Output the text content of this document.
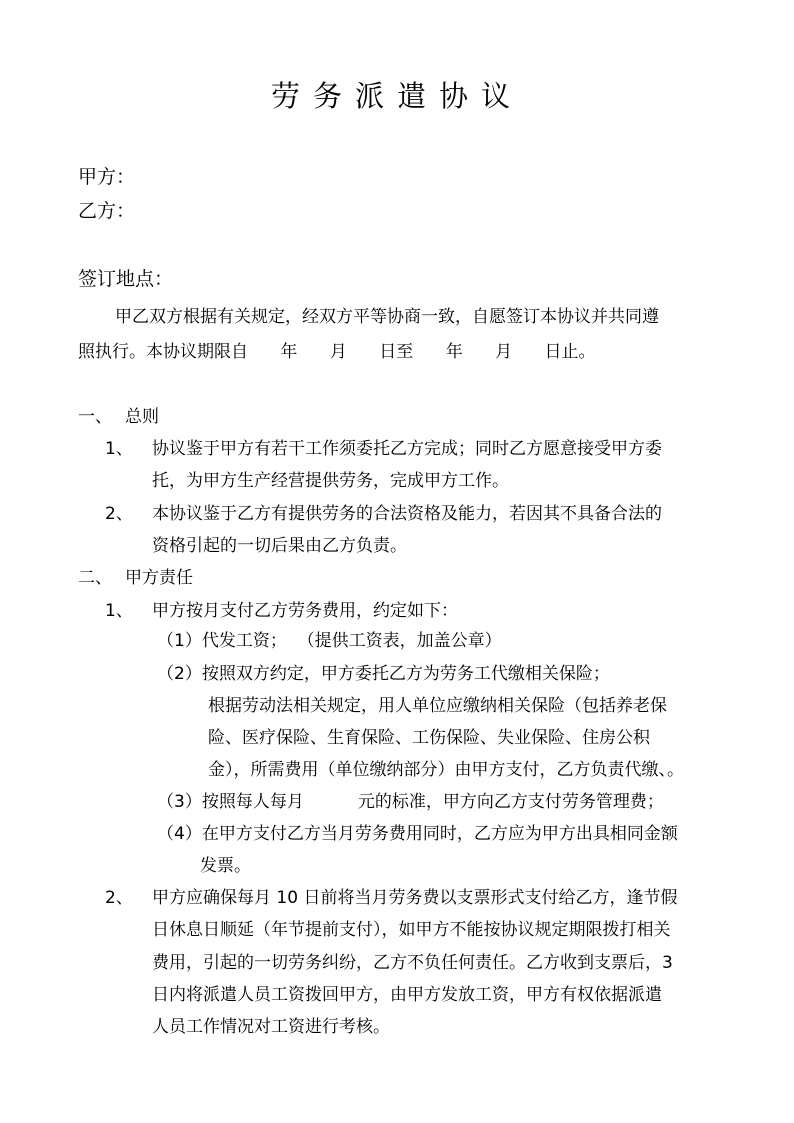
劳务派遣协议
甲方：
乙方：
签订地点：
甲乙双方根据有关规定，经双方平等协商一致，自愿签订本协议并共同遵
照执行。本协议期限自      年      月      日至      年      月      日止。
一、 总则
1、 协议鉴于甲方有若干工作须委托乙方完成；同时乙方愿意接受甲方委
托，为甲方生产经营提供劳务，完成甲方工作。
2、 本协议鉴于乙方有提供劳务的合法资格及能力，若因其不具备合法的
资格引起的一切后果由乙方负责。
二、 甲方责任
1、 甲方按月支付乙方劳务费用，约定如下：
（1）代发工资；  （提供工资表，加盖公章）
（2）按照双方约定，甲方委托乙方为劳务工代缴相关保险；
根据劳动法相关规定，用人单位应缴纳相关保险（包括养老保
险、医疗保险、生育保险、工伤保险、失业保险、住房公积
金），所需费用（单位缴纳部分）由甲方支付，乙方负责代缴、。
（3）按照每人每月          元的标准，甲方向乙方支付劳务管理费；
（4）在甲方支付乙方当月劳务费用同时，乙方应为甲方出具相同金额
发票。
2、 甲方应确保每月 10 日前将当月劳务费以支票形式支付给乙方，逢节假
日休息日顺延（年节提前支付），如甲方不能按协议规定期限拨打相关
费用，引起的一切劳务纠纷，乙方不负任何责任。乙方收到支票后，3
日内将派遣人员工资拨回甲方，由甲方发放工资，甲方有权依据派遣
人员工作情况对工资进行考核。
